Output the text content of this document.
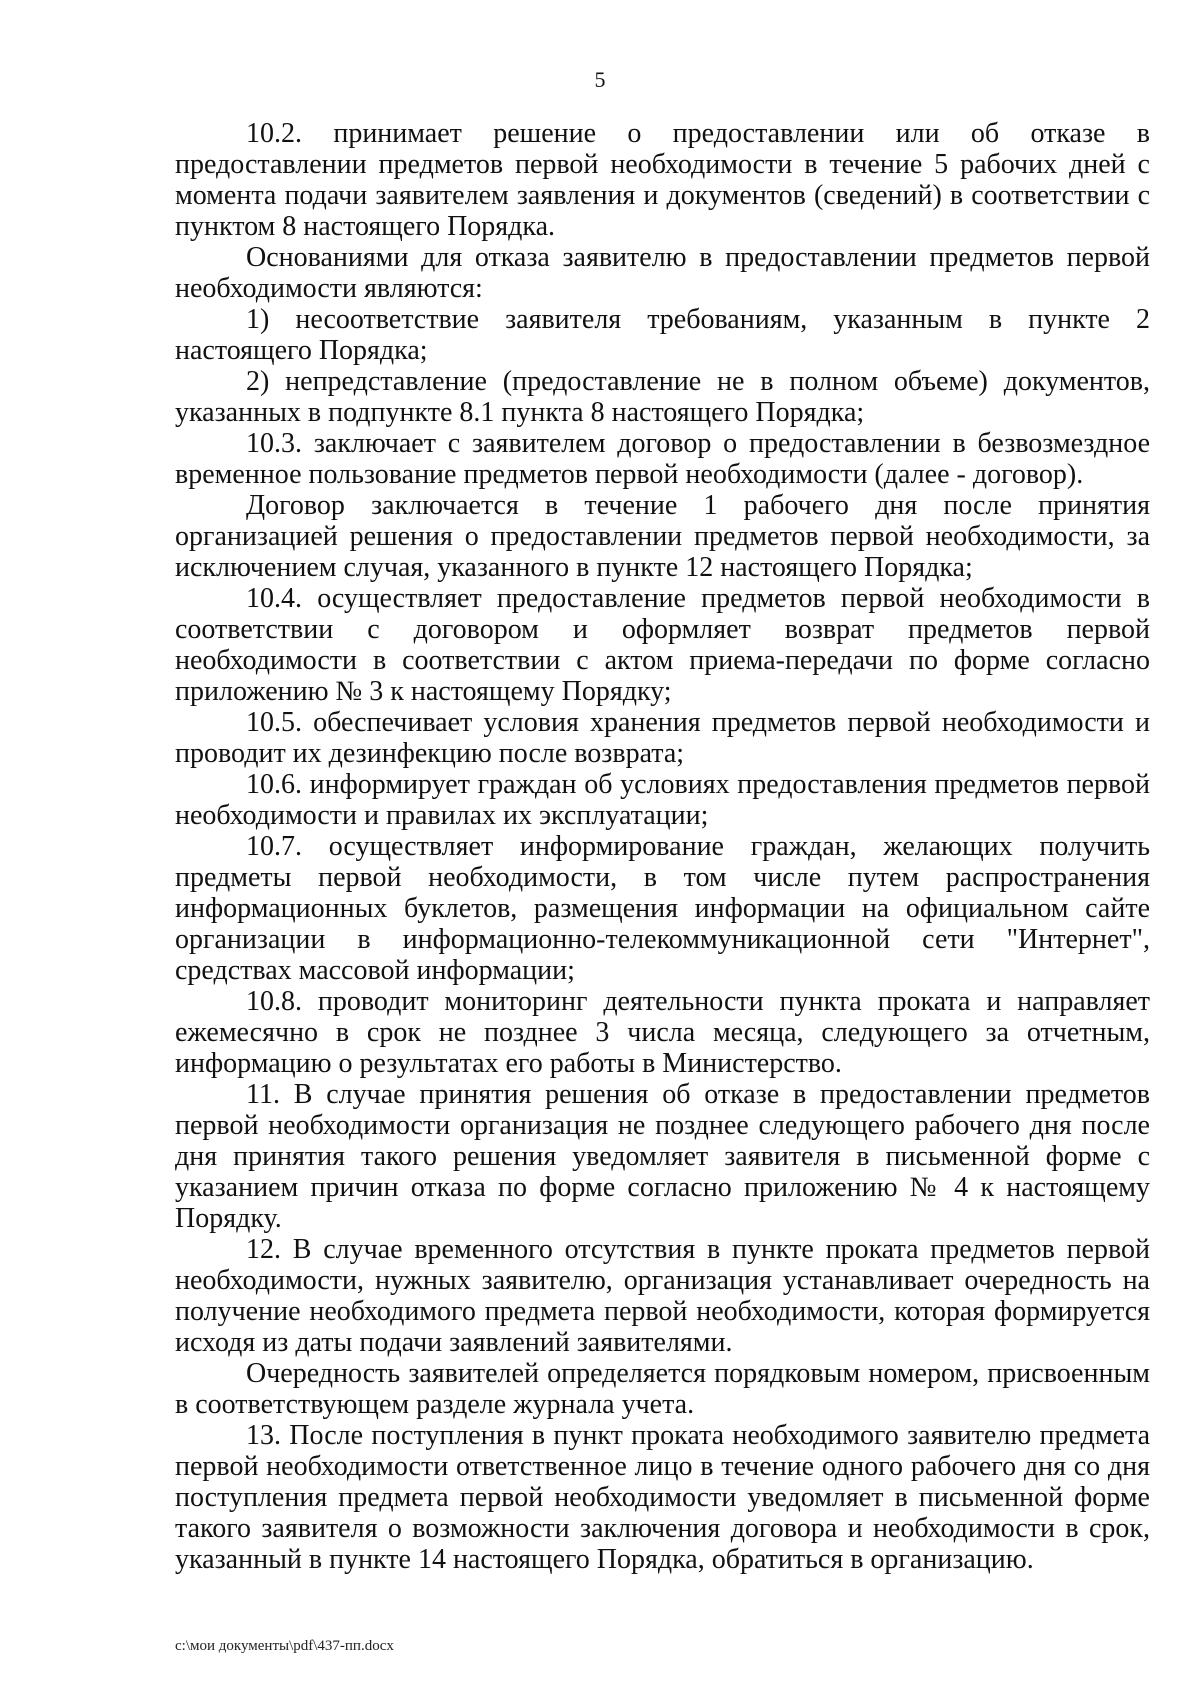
5

10.2. принимает решение о предоставлении или об отказе в предоставлении предметов первой необходимости в течение 5 рабочих дней с момента подачи заявителем заявления и документов (сведений) в соответствии с пунктом 8 настоящего Порядка.

Основаниями для отказа заявителю в предоставлении предметов первой необходимости являются:

1) несоответствие заявителя требованиям, указанным в пункте 2 настоящего Порядка;

2) непредставление (предоставление не в полном объеме) документов, указанных в подпункте 8.1 пункта 8 настоящего Порядка;

10.3. заключает с заявителем договор о предоставлении в безвозмездное временное пользование предметов первой необходимости (далее - договор).

Договор заключается в течение 1 рабочего дня после принятия организацией решения о предоставлении предметов первой необходимости, за исключением случая, указанного в пункте 12 настоящего Порядка;

10.4. осуществляет предоставление предметов первой необходимости в соответствии с договором и оформляет возврат предметов первой необходимости в соответствии с актом приема-передачи по форме согласно приложению № 3 к настоящему Порядку;

10.5. обеспечивает условия хранения предметов первой необходимости и проводит их дезинфекцию после возврата;

10.6. информирует граждан об условиях предоставления предметов первой необходимости и правилах их эксплуатации;

10.7. осуществляет информирование граждан, желающих получить предметы первой необходимости, в том числе путем распространения информационных буклетов, размещения информации на официальном сайте организации в информационно-телекоммуникационной сети "Интернет", средствах массовой информации;

10.8. проводит мониторинг деятельности пункта проката и направляет ежемесячно в срок не позднее 3 числа месяца, следующего за отчетным, информацию о результатах его работы в Министерство.

11. В случае принятия решения об отказе в предоставлении предметов первой необходимости организация не позднее следующего рабочего дня после дня принятия такого решения уведомляет заявителя в письменной форме с указанием причин отказа по форме согласно приложению № 4 к настоящему Порядку.

12. В случае временного отсутствия в пункте проката предметов первой необходимости, нужных заявителю, организация устанавливает очередность на получение необходимого предмета первой необходимости, которая формируется исходя из даты подачи заявлений заявителями.

Очередность заявителей определяется порядковым номером, присвоенным в соответствующем разделе журнала учета.

13. После поступления в пункт проката необходимого заявителю предмета первой необходимости ответственное лицо в течение одного рабочего дня со дня поступления предмета первой необходимости уведомляет в письменной форме такого заявителя о возможности заключения договора и необходимости в срок, указанный в пункте 14 настоящего Порядка, обратиться в организацию.

c:\мои документы\pdf\437-пп.docx
